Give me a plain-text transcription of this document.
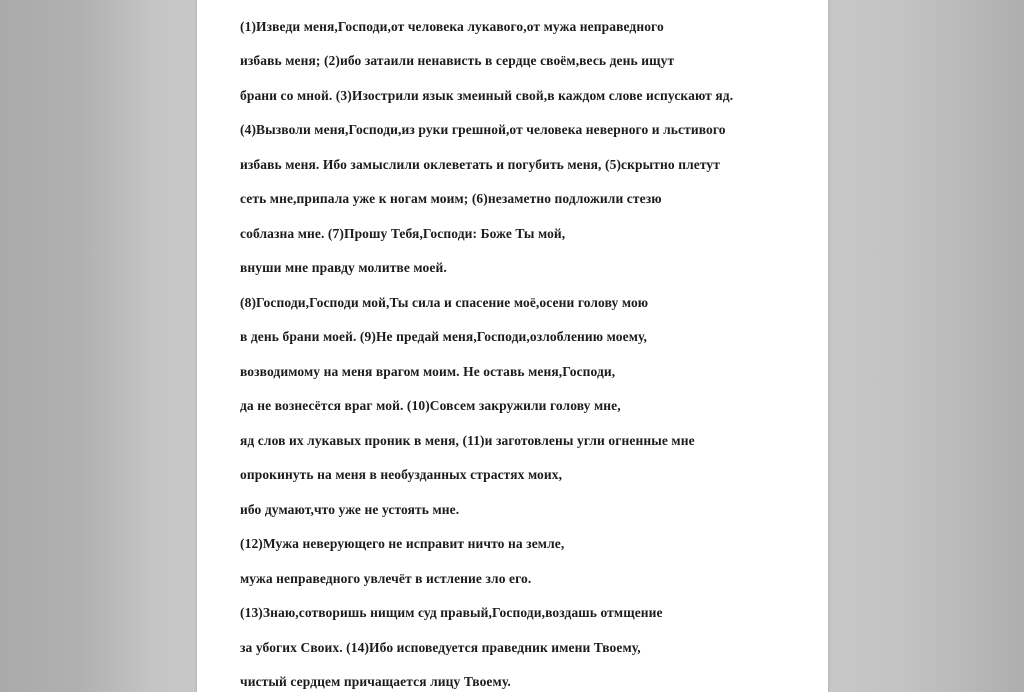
(1)Изведи меня,Господи,от человека лукавого,от мужа неправедного

избавь меня; (2)ибо затаили ненависть в сердце своём,весь день ищут

брани со мной. (3)Изострили язык змеиный свой,в каждом слове испускают яд.

(4)Вызволи меня,Господи,из руки грешной,от человека неверного и льстивого

избавь меня. Ибо замыслили оклеветать и погубить меня, (5)скрытно плетут

сеть мне,припала уже к ногам моим; (6)незаметно подложили стезю

соблазна мне. (7)Прошу Тебя,Господи: Боже Ты мой,

внуши мне правду молитве моей.

(8)Господи,Господи мой,Ты сила и спасение моё,осени голову мою

в день брани моей. (9)Не предай меня,Господи,озлоблению моему,

возводимому на меня врагом моим. Не оставь меня,Господи,

да не вознесётся враг мой. (10)Совсем закружили голову мне,

яд слов их лукавых проник в меня, (11)и заготовлены угли огненные мне

опрокинуть на меня в необузданных страстях моих,

ибо думают,что уже не устоять мне.

(12)Мужа неверующего не исправит ничто на земле,

мужа неправедного увлечёт в истление зло его.

(13)Знаю,сотворишь нищим суд правый,Господи,воздашь отмщение

за убогих Своих. (14)Ибо исповедуется праведник имени Твоему,

чистый сердцем причащается лицу Твоему.
